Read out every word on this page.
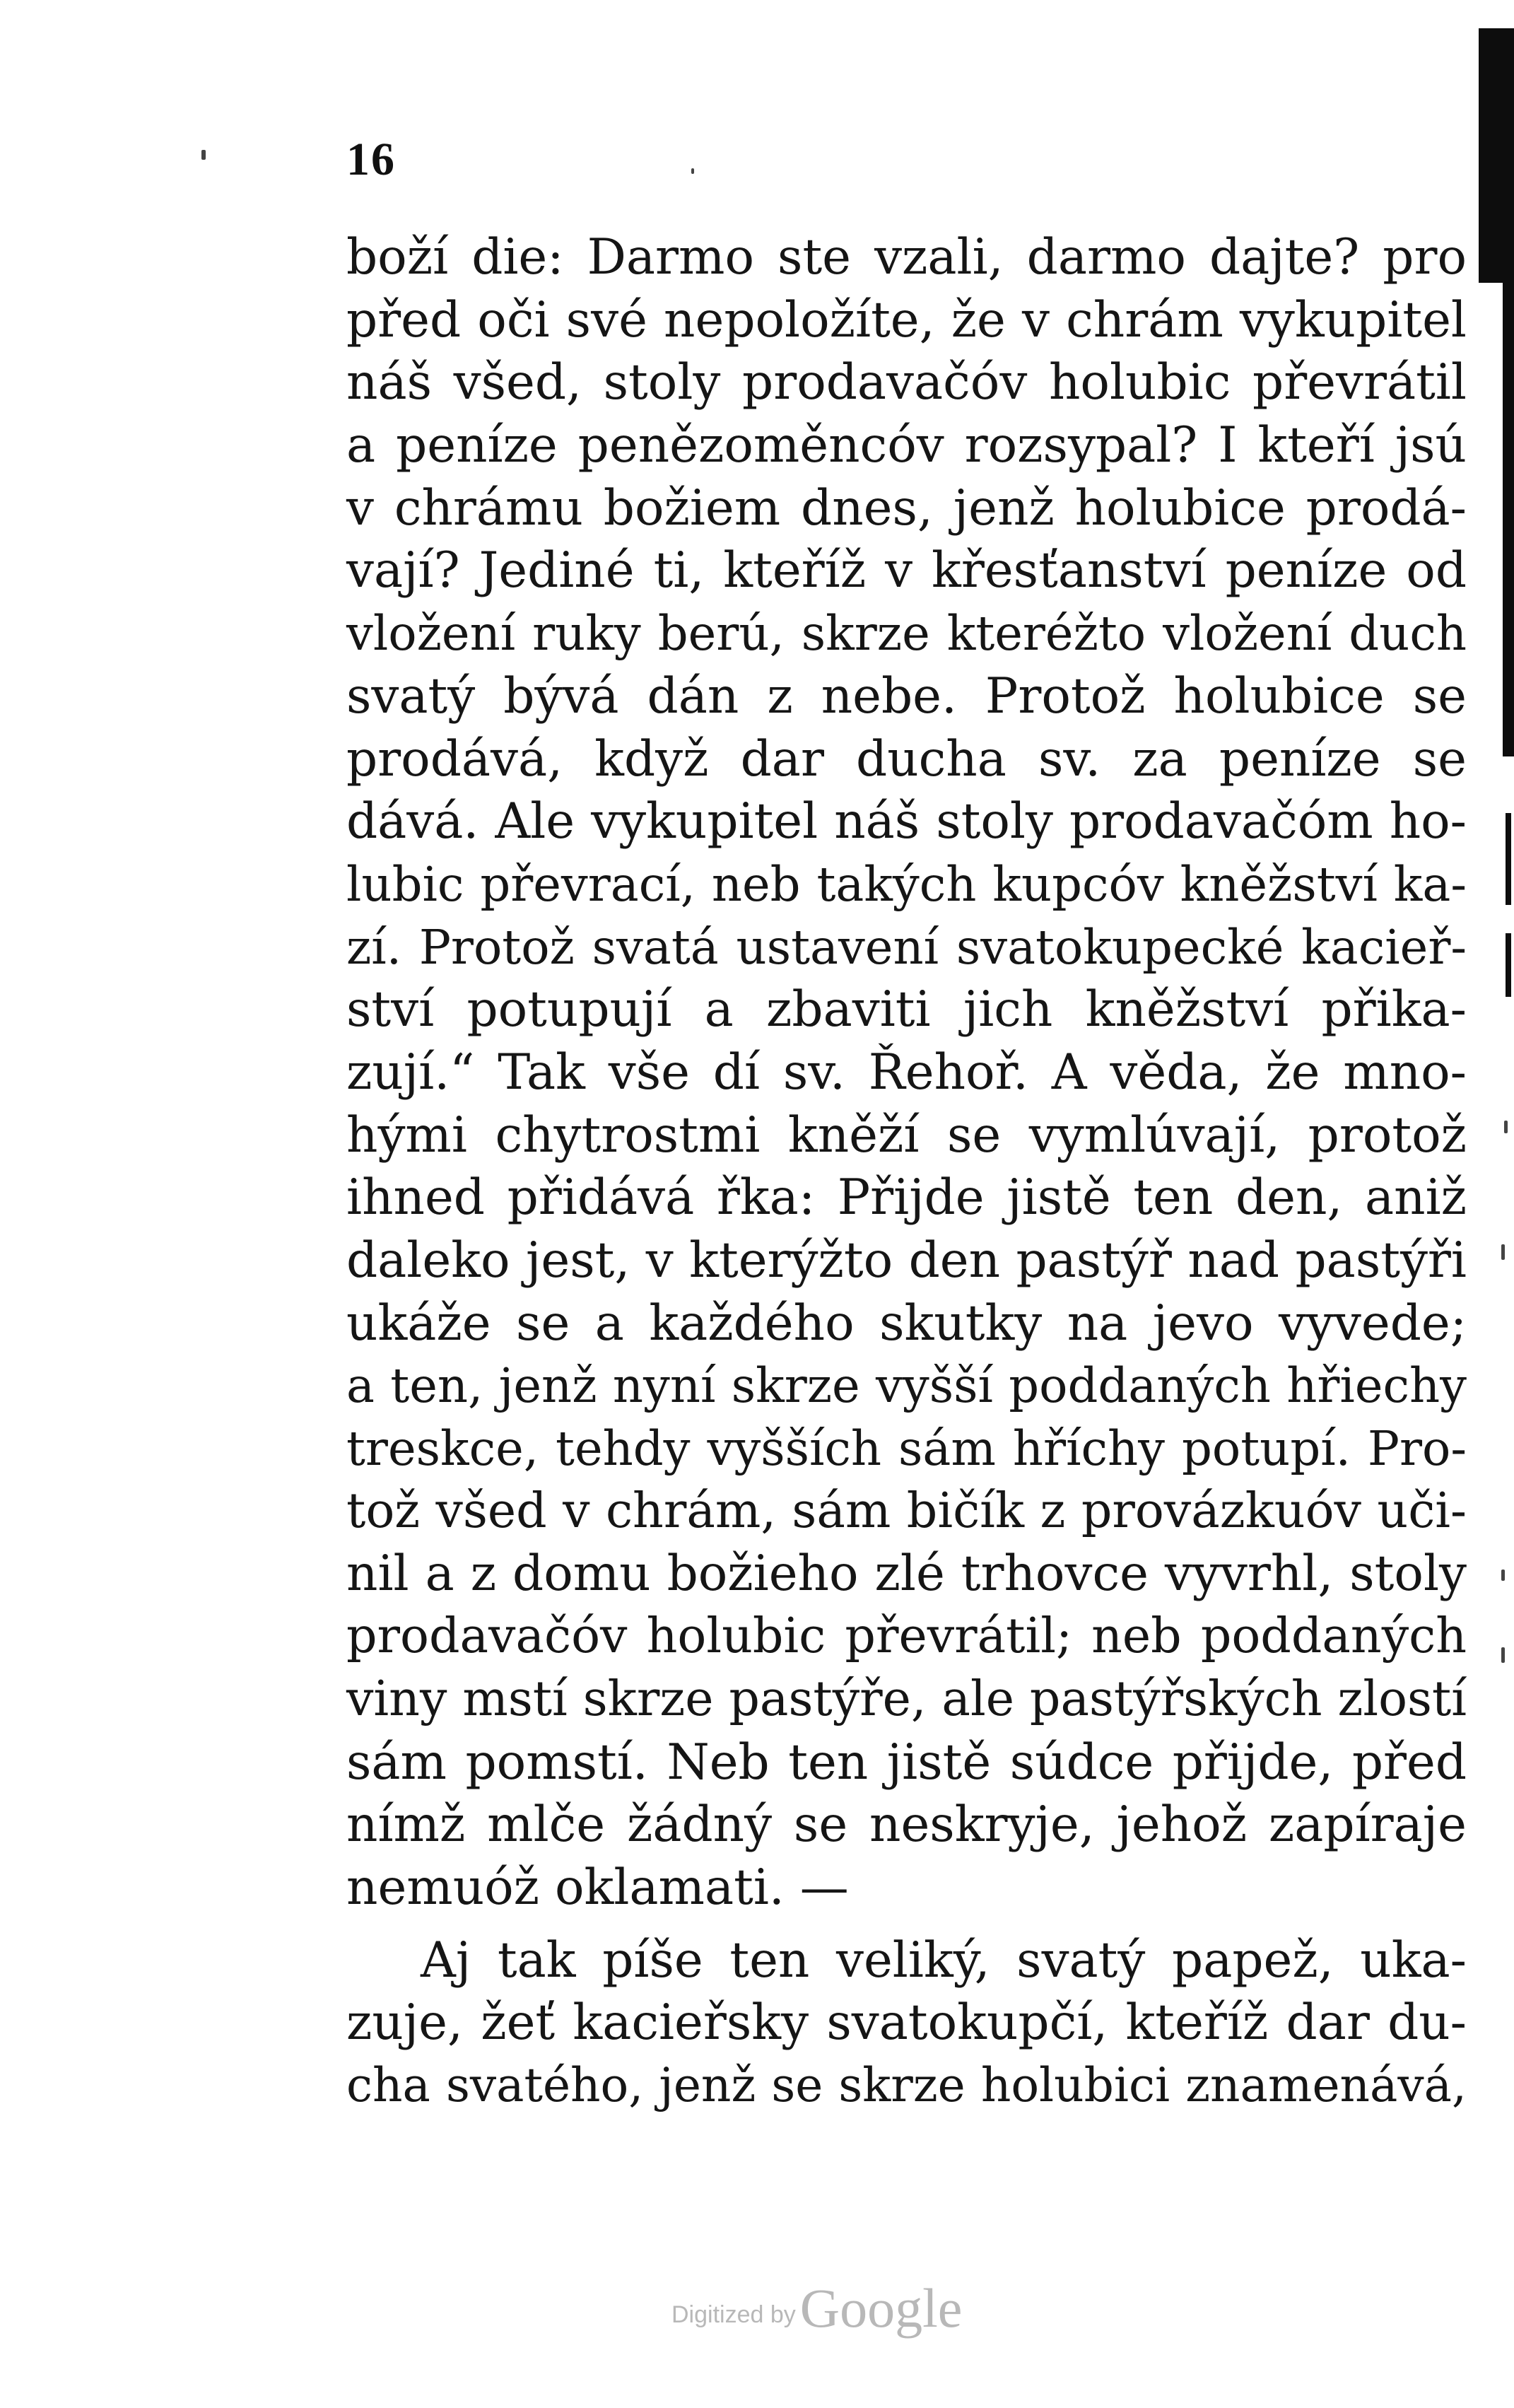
16
boží die: Darmo ste vzali, darmo dajte? pro
před oči své nepoložíte, že v chrám vykupitel
náš všed, stoly prodavačóv holubic převrátil
a peníze penězoměncóv rozsypal? I kteří jsú
v chrámu božiem dnes, jenž holubice prodá-
vají? Jediné ti, kteříž v křesťanství peníze od
vložení ruky berú, skrze kteréžto vložení duch
svatý bývá dán z nebe. Protož holubice se
prodává, když dar ducha sv. za peníze se
dává. Ale vykupitel náš stoly prodavačóm ho-
lubic převrací, neb takých kupcóv kněžství ka-
zí. Protož svatá ustavení svatokupecké kacieř-
ství potupují a zbaviti jich kněžství přika-
zují.“ Tak vše dí sv. Řehoř. A věda, že mno-
hými chytrostmi kněží se vymlúvají, protož
ihned přidává řka: Přijde jistě ten den, aniž
daleko jest, v kterýžto den pastýř nad pastýři
ukáže se a každého skutky na jevo vyvede;
a ten, jenž nyní skrze vyšší poddaných hřiechy
treskce, tehdy vyšších sám hříchy potupí. Pro-
tož všed v chrám, sám bičík z provázkuóv uči-
nil a z domu božieho zlé trhovce vyvrhl, stoly
prodavačóv holubic převrátil; neb poddaných
viny mstí skrze pastýře, ale pastýřských zlostí
sám pomstí. Neb ten jistě súdce přijde, před
nímž mlče žádný se neskryje, jehož zapíraje
nemuóž oklamati. —
Aj tak píše ten veliký, svatý papež, uka-
zuje, žeť kacieřsky svatokupčí, kteříž dar du-
cha svatého, jenž se skrze holubici znamenává,
Digitized byGoogle
